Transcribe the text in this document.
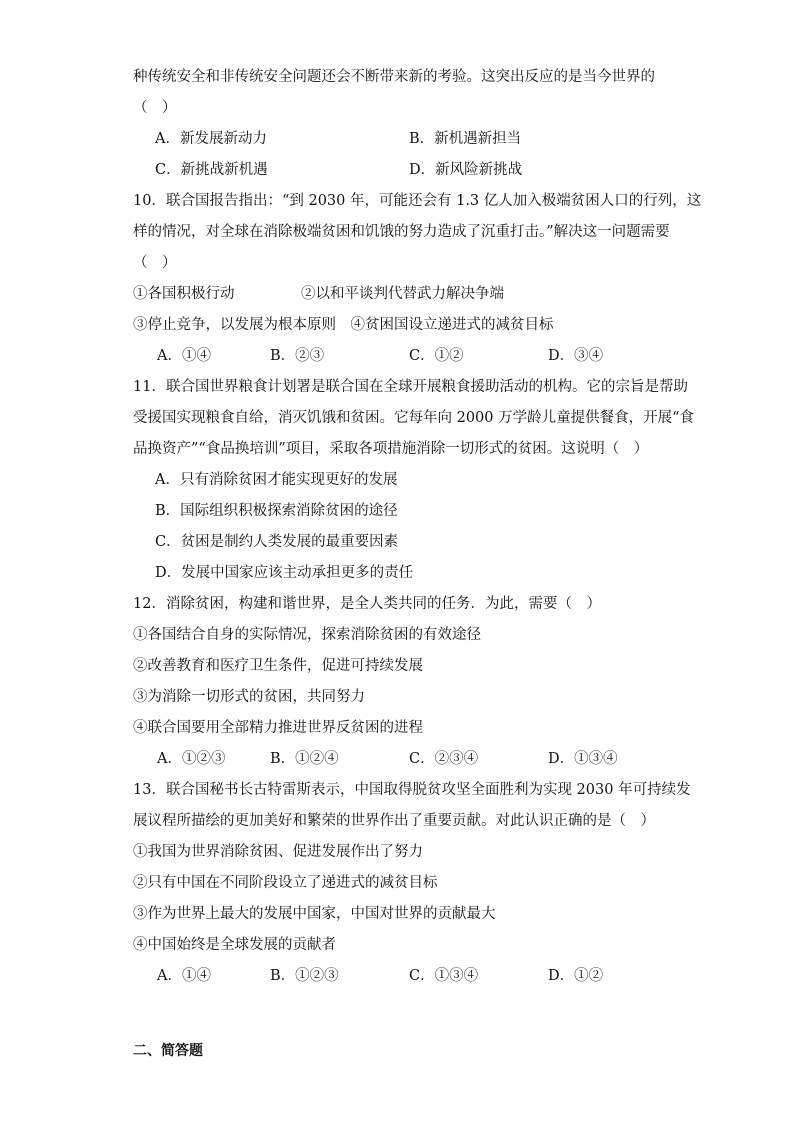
种传统安全和非传统安全问题还会不断带来新的考验。这突出反应的是当今世界的
（　）
A．新发展新动力	B．新机遇新担当
C．新挑战新机遇	D．新风险新挑战
10．联合国报告指出：“到 2030 年，可能还会有 1.3 亿人加入极端贫困人口的行列，这
样的情况，对全球在消除极端贫困和饥饿的努力造成了沉重打击。”解决这一问题需要
（　）
①各国积极行动	②以和平谈判代替武力解决争端
③停止竞争，以发展为根本原则　④贫困国设立递进式的减贫目标
A．①④	B．②③	C．①②	D．③④
11．联合国世界粮食计划署是联合国在全球开展粮食援助活动的机构。它的宗旨是帮助
受援国实现粮食自给，消灭饥饿和贫困。它每年向 2000 万学龄儿童提供餐食，开展“食
品换资产”“食品换培训”项目，采取各项措施消除一切形式的贫困。这说明（　）
A．只有消除贫困才能实现更好的发展
B．国际组织积极探索消除贫困的途径
C．贫困是制约人类发展的最重要因素
D．发展中国家应该主动承担更多的责任
12．消除贫困，构建和谐世界，是全人类共同的任务．为此，需要（　）
①各国结合自身的实际情况，探索消除贫困的有效途径
②改善教育和医疗卫生条件，促进可持续发展
③为消除一切形式的贫困，共同努力
④联合国要用全部精力推进世界反贫困的进程
A．①②③	B．①②④	C．②③④	D．①③④
13．联合国秘书长古特雷斯表示，中国取得脱贫攻坚全面胜利为实现 2030 年可持续发
展议程所描绘的更加美好和繁荣的世界作出了重要贡献。对此认识正确的是（　）
①我国为世界消除贫困、促进发展作出了努力
②只有中国在不同阶段设立了递进式的减贫目标
③作为世界上最大的发展中国家，中国对世界的贡献最大
④中国始终是全球发展的贡献者
A．①④	B．①②③	C．①③④	D．①②
二、简答题
